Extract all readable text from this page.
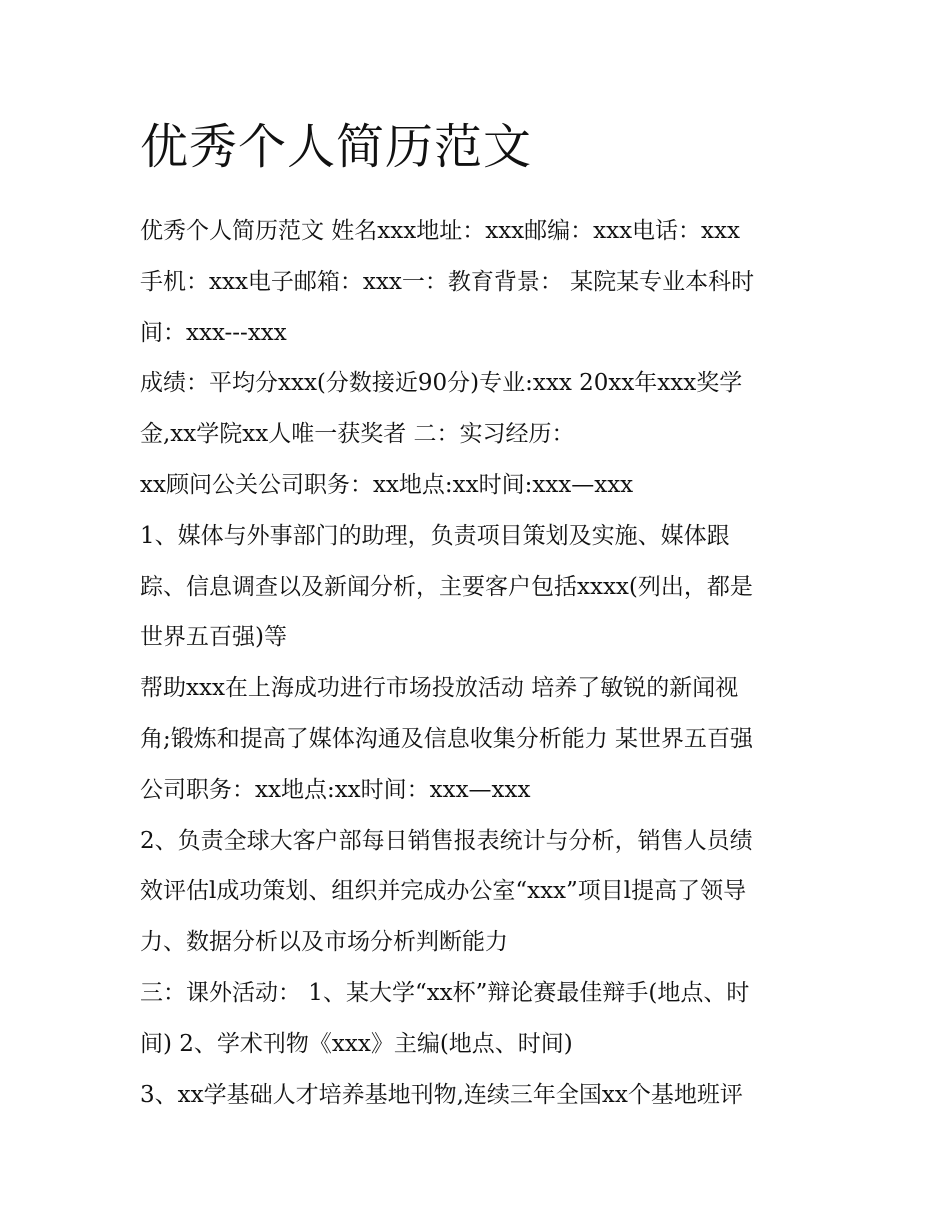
优秀个人简历范文

优秀个人简历范文 姓名xxx地址：xxx邮编：xxx电话：xxx

手机：xxx电子邮箱：xxx一：教育背景： 某院某专业本科时

间：xxx---xxx

成绩：平均分xxx(分数接近90分)专业:xxx 20xx年xxx奖学

金,xx学院xx人唯一获奖者 二：实习经历：

xx顾问公关公司职务：xx地点:xx时间:xxx—xxx

1、媒体与外事部门的助理，负责项目策划及实施、媒体跟

踪、信息调查以及新闻分析，主要客户包括xxxx(列出，都是

世界五百强)等

帮助xxx在上海成功进行市场投放活动 培养了敏锐的新闻视

角;锻炼和提高了媒体沟通及信息收集分析能力 某世界五百强

公司职务：xx地点:xx时间：xxx—xxx

2、负责全球大客户部每日销售报表统计与分析，销售人员绩

效评估l成功策划、组织并完成办公室“xxx”项目l提高了领导

力、数据分析以及市场分析判断能力

三：课外活动： 1、某大学“xx杯”辩论赛最佳辩手(地点、时

间) 2、学术刊物《xxx》主编(地点、时间)

3、xx学基础人才培养基地刊物,连续三年全国xx个基地班评
